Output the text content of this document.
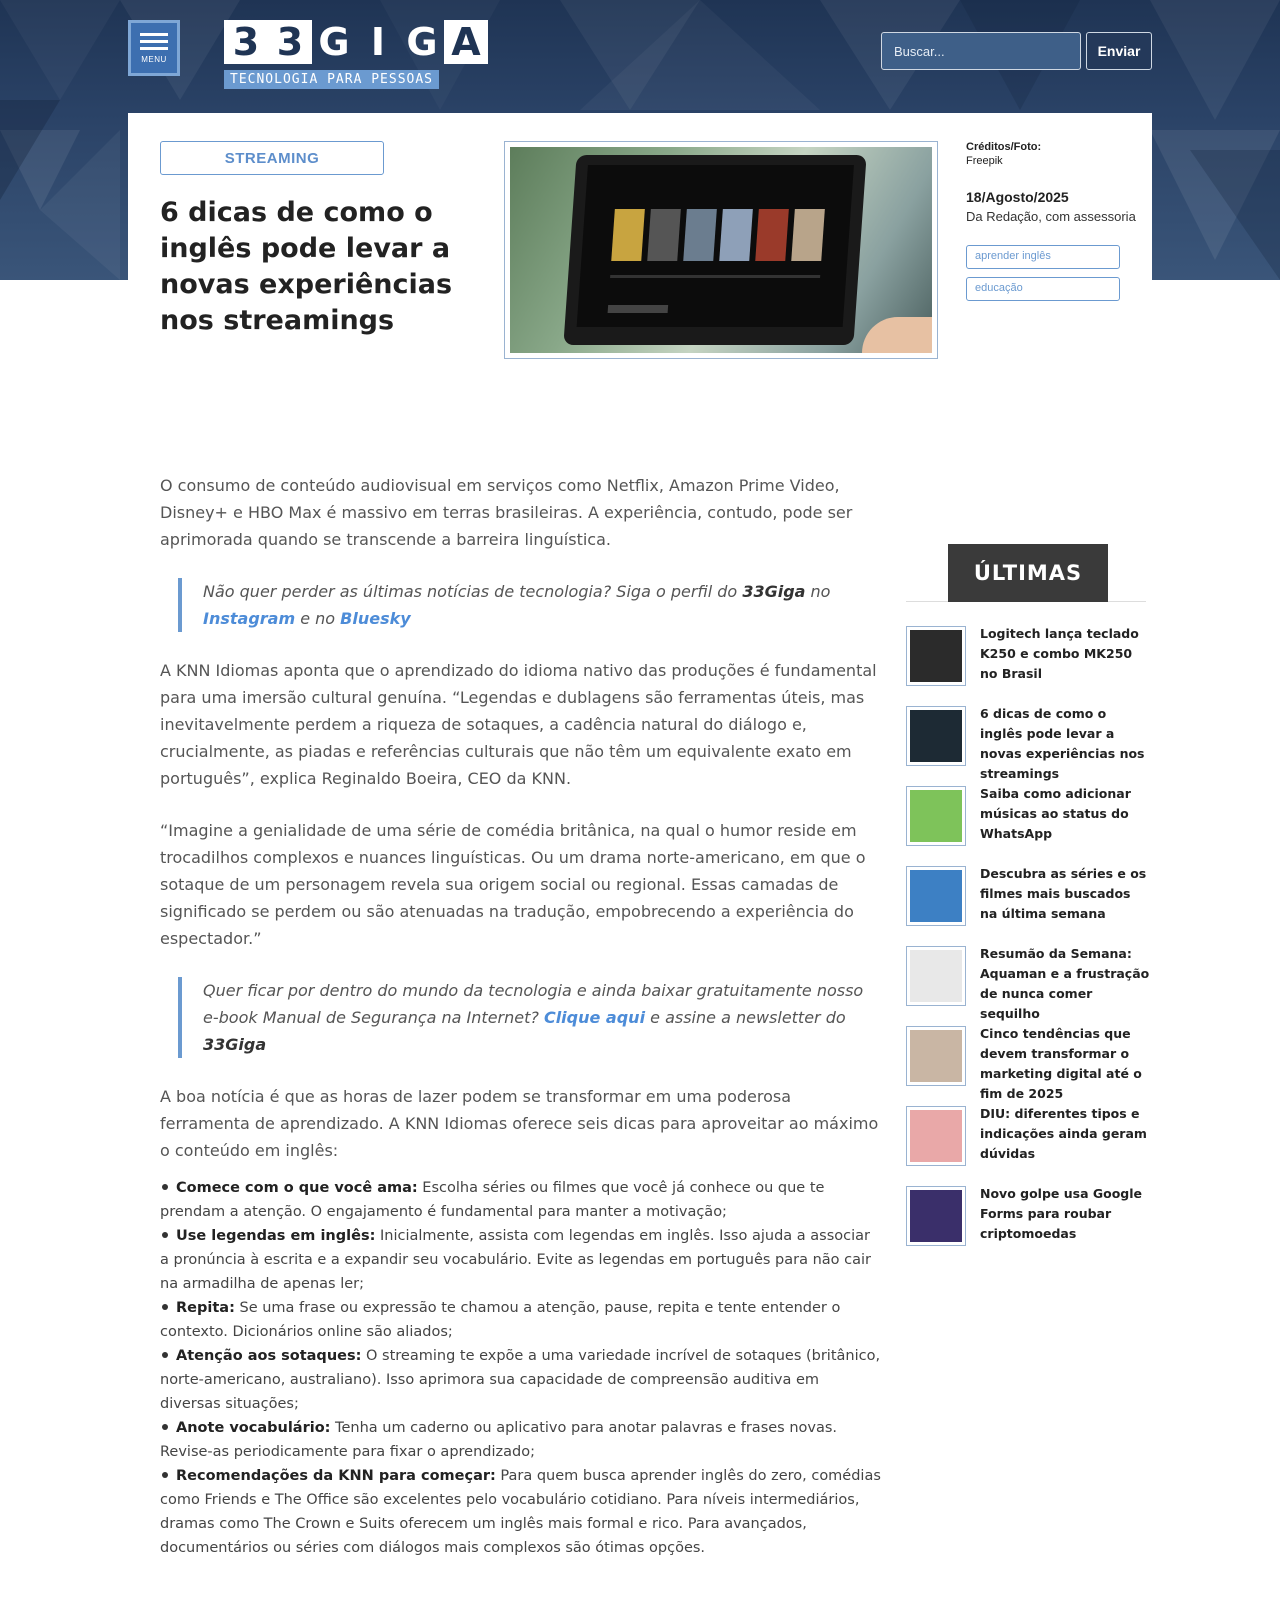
MENU 3 3 G I G A
TECNOLOGIA PARA PESSOAS
Buscar...
Enviar
STREAMING
6 dicas de como o inglês pode levar a novas experiências nos streamings
Créditos/Foto:
Freepik
18/Agosto/2025
Da Redação, com assessoria
aprender inglês
educação

O consumo de conteúdo audiovisual em serviços como Netflix, Amazon Prime Video, Disney+ e HBO Max é massivo em terras brasileiras. A experiência, contudo, pode ser aprimorada quando se transcende a barreira linguística.

Não quer perder as últimas notícias de tecnologia? Siga o perfil do 33Giga no Instagram e no Bluesky

A KNN Idiomas aponta que o aprendizado do idioma nativo das produções é fundamental para uma imersão cultural genuína. “Legendas e dublagens são ferramentas úteis, mas inevitavelmente perdem a riqueza de sotaques, a cadência natural do diálogo e, crucialmente, as piadas e referências culturais que não têm um equivalente exato em português”, explica Reginaldo Boeira, CEO da KNN.

“Imagine a genialidade de uma série de comédia britânica, na qual o humor reside em trocadilhos complexos e nuances linguísticas. Ou um drama norte-americano, em que o sotaque de um personagem revela sua origem social ou regional. Essas camadas de significado se perdem ou são atenuadas na tradução, empobrecendo a experiência do espectador.”

Quer ficar por dentro do mundo da tecnologia e ainda baixar gratuitamente nosso e-book Manual de Segurança na Internet? Clique aqui e assine a newsletter do 33Giga

A boa notícia é que as horas de lazer podem se transformar em uma poderosa ferramenta de aprendizado. A KNN Idiomas oferece seis dicas para aproveitar ao máximo o conteúdo em inglês:

Comece com o que você ama: Escolha séries ou filmes que você já conhece ou que te prendam a atenção. O engajamento é fundamental para manter a motivação;
Use legendas em inglês: Inicialmente, assista com legendas em inglês. Isso ajuda a associar a pronúncia à escrita e a expandir seu vocabulário. Evite as legendas em português para não cair na armadilha de apenas ler;
Repita: Se uma frase ou expressão te chamou a atenção, pause, repita e tente entender o contexto. Dicionários online são aliados;
Atenção aos sotaques: O streaming te expõe a uma variedade incrível de sotaques (britânico, norte-americano, australiano). Isso aprimora sua capacidade de compreensão auditiva em diversas situações;
Anote vocabulário: Tenha um caderno ou aplicativo para anotar palavras e frases novas. Revise-as periodicamente para fixar o aprendizado;
Recomendações da KNN para começar: Para quem busca aprender inglês do zero, comédias como Friends e The Office são excelentes pelo vocabulário cotidiano. Para níveis intermediários, dramas como The Crown e Suits oferecem um inglês mais formal e rico. Para avançados, documentários ou séries com diálogos mais complexos são ótimas opções.
ÚLTIMAS
Logitech lança teclado K250 e combo MK250 no Brasil
6 dicas de como o inglês pode levar a novas experiências nos streamings
Saiba como adicionar músicas ao status do WhatsApp
Descubra as séries e os filmes mais buscados na última semana
Resumão da Semana: Aquaman e a frustração de nunca comer sequilho
Cinco tendências que devem transformar o marketing digital até o fim de 2025
DIU: diferentes tipos e indicações ainda geram dúvidas
Novo golpe usa Google Forms para roubar criptomoedas
